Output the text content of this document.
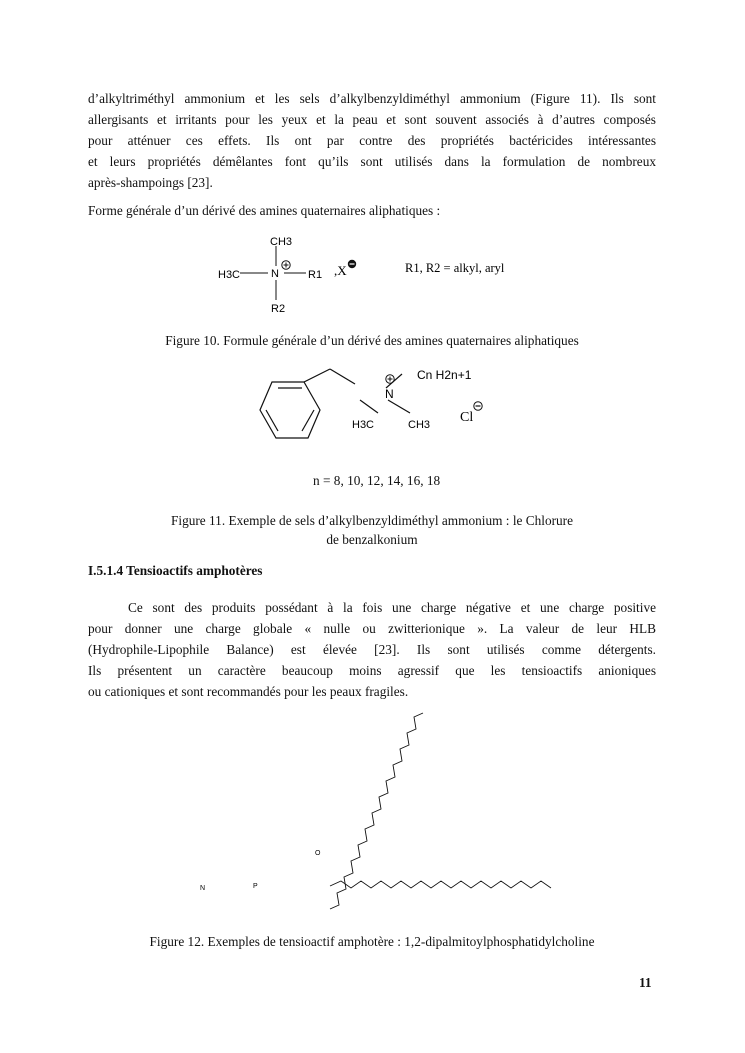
d’alkyltriméthyl ammonium et les sels d’alkylbenzyldiméthyl ammonium (Figure 11). Ils sont
allergisants et irritants pour les yeux et la peau et sont souvent associés à d’autres composés
pour atténuer ces effets. Ils ont par contre des propriétés bactéricides intéressantes
et leurs propriétés démêlantes font qu’ils sont utilisés dans la formulation de nombreux
après-shampoings [23].

Forme générale d’un dérivé des amines quaternaires aliphatiques :

CH3
H3C	N	R1
R2
,X	R1, R2 = alkyl, aryl

Figure 10. Formule générale d’un dérivé des amines quaternaires aliphatiques

N
Cn H2n+1
H3C	CH3 Cl

n = 8, 10, 12, 14, 16, 18

Figure 11. Exemple de sels d’alkylbenzyldiméthyl ammonium : le Chlorure
de benzalkonium

I.5.1.4 Tensioactifs amphotères

Ce sont des produits possédant à la fois une charge négative et une charge positive
pour donner une charge globale « nulle ou zwitterionique ». La valeur de leur HLB
(Hydrophile-Lipophile Balance) est élevée [23]. Ils sont utilisés comme détergents.
Ils présentent un caractère beaucoup moins agressif que les tensioactifs anioniques
ou cationiques et sont recommandés pour les peaux fragiles.
O
P
N

Figure 12. Exemples de tensioactif amphotère : 1,2-dipalmitoylphosphatidylcholine

11
